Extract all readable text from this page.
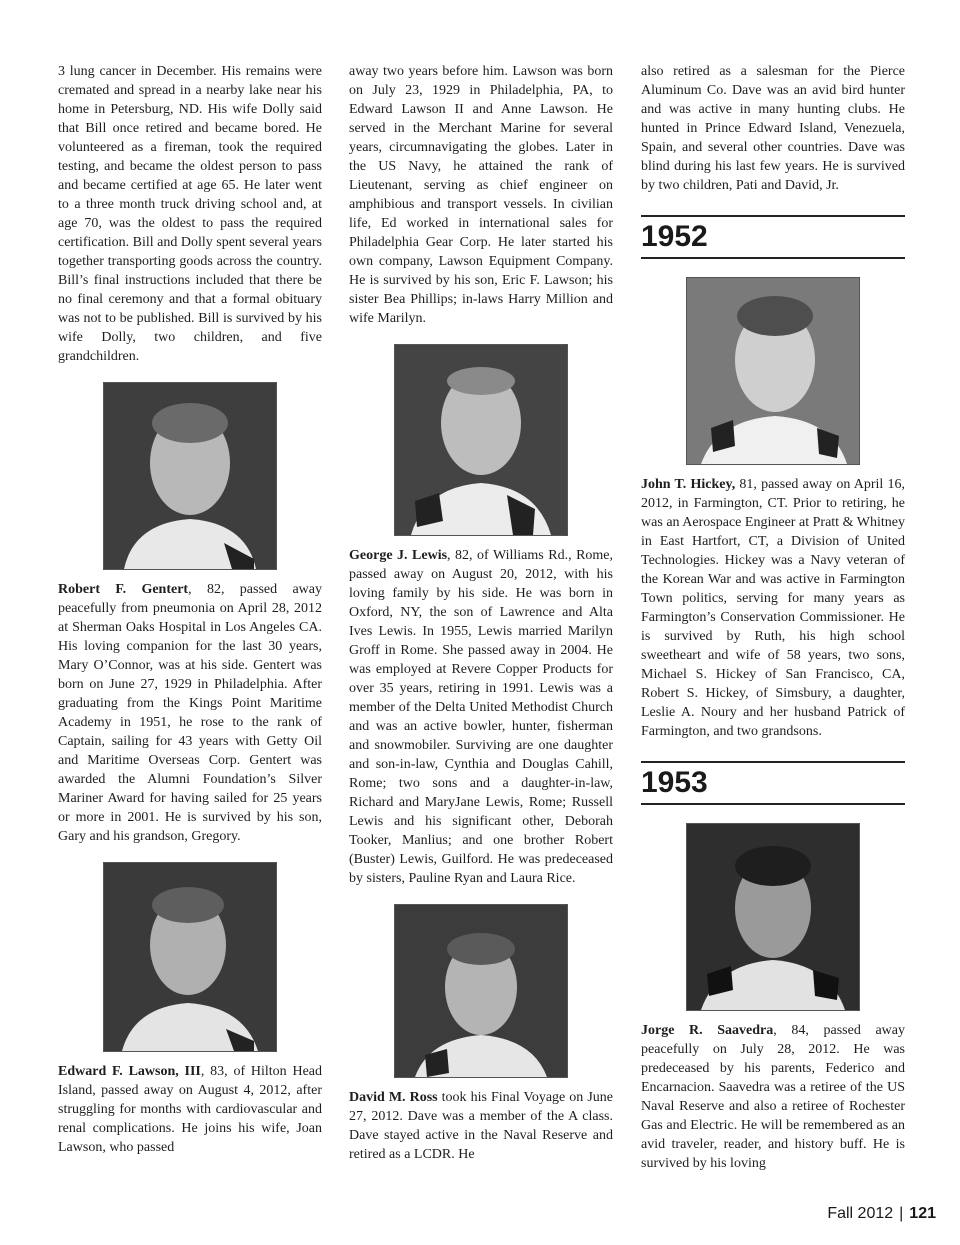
3 lung cancer in December. His remains were cremated and spread in a nearby lake near his home in Petersburg, ND. His wife Dolly said that Bill once retired and became bored. He volunteered as a fireman, took the required testing, and became the oldest person to pass and became certified at age 65. He later went to a three month truck driving school and, at age 70, was the oldest to pass the required certification. Bill and Dolly spent several years together transporting goods across the country. Bill’s final instructions included that there be no final ceremony and that a formal obituary was not to be published. Bill is survived by his wife Dolly, two children, and five grandchildren.

Robert F. Gentert, 82, passed away peacefully from pneumonia on April 28, 2012 at Sherman Oaks Hospital in Los Angeles CA. His loving companion for the last 30 years, Mary O’Connor, was at his side. Gentert was born on June 27, 1929 in Philadelphia. After graduating from the Kings Point Maritime Academy in 1951, he rose to the rank of Captain, sailing for 43 years with Getty Oil and Maritime Overseas Corp. Gentert was awarded the Alumni Foundation’s Silver Mariner Award for having sailed for 25 years or more in 2001. He is survived by his son, Gary and his grandson, Gregory.

Edward F. Lawson, III, 83, of Hilton Head Island, passed away on August 4, 2012, after struggling for months with cardiovascular and renal complications. He joins his wife, Joan Lawson, who passed

away two years before him. Lawson was born on July 23, 1929 in Philadelphia, PA, to Edward Lawson II and Anne Lawson. He served in the Merchant Marine for several years, circumnavigating the globes. Later in the US Navy, he attained the rank of Lieutenant, serving as chief engineer on amphibious and transport vessels. In civilian life, Ed worked in international sales for Philadelphia Gear Corp. He later started his own company, Lawson Equipment Company. He is survived by his son, Eric F. Lawson; his sister Bea Phillips; in-laws Harry Million and wife Marilyn.

George J. Lewis, 82, of Williams Rd., Rome, passed away on August 20, 2012, with his loving family by his side. He was born in Oxford, NY, the son of Lawrence and Alta Ives Lewis. In 1955, Lewis married Marilyn Groff in Rome. She passed away in 2004. He was employed at Revere Copper Products for over 35 years, retiring in 1991. Lewis was a member of the Delta United Methodist Church and was an active bowler, hunter, fisherman and snowmobiler. Surviving are one daughter and son-in-law, Cynthia and Douglas Cahill, Rome; two sons and a daughter-in-law, Richard and MaryJane Lewis, Rome; Russell Lewis and his significant other, Deborah Tooker, Manlius; and one brother Robert (Buster) Lewis, Guilford. He was predeceased by sisters, Pauline Ryan and Laura Rice.

David M. Ross took his Final Voyage on June 27, 2012. Dave was a member of the A class. Dave stayed active in the Naval Reserve and retired as a LCDR. He

also retired as a salesman for the Pierce Aluminum Co. Dave was an avid bird hunter and was active in many hunting clubs. He hunted in Prince Edward Island, Venezuela, Spain, and several other countries. Dave was blind during his last few years. He is survived by two children, Pati and David, Jr.

1952

John T. Hickey, 81, passed away on April 16, 2012, in Farmington, CT. Prior to retiring, he was an Aerospace Engineer at Pratt & Whitney in East Hartfort, CT, a Division of United Technologies. Hickey was a Navy veteran of the Korean War and was active in Farmington Town politics, serving for many years as Farmington’s Conservation Commissioner. He is survived by Ruth, his high school sweetheart and wife of 58 years, two sons, Michael S. Hickey of San Francisco, CA, Robert S. Hickey, of Simsbury, a daughter, Leslie A. Noury and her husband Patrick of Farmington, and two grandsons.

1953

Jorge R. Saavedra, 84, passed away peacefully on July 28, 2012. He was predeceased by his parents, Federico and Encarnacion. Saavedra was a retiree of the US Naval Reserve and also a retiree of Rochester Gas and Electric. He will be remembered as an avid traveler, reader, and history buff. He is survived by his loving

Fall 2012 | 121
